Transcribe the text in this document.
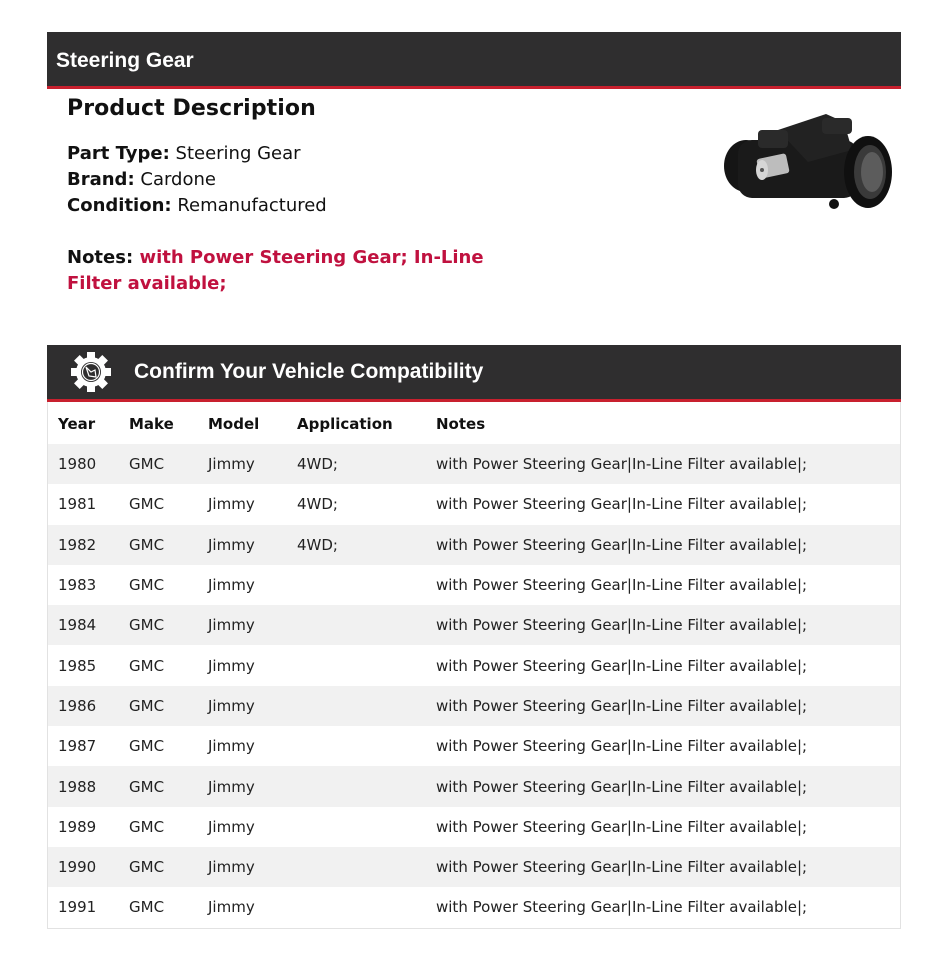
Steering Gear
Product Description
Part Type: Steering Gear
Brand: Cardone
Condition: Remanufactured
Notes: with Power Steering Gear; In-Line Filter available;
Confirm Your Vehicle Compatibility
Year	Make	Model	Application	Notes
1980	GMC	Jimmy	4WD;	with Power Steering Gear|In-Line Filter available|;
1981	GMC	Jimmy	4WD;	with Power Steering Gear|In-Line Filter available|;
1982	GMC	Jimmy	4WD;	with Power Steering Gear|In-Line Filter available|;
1983	GMC	Jimmy		with Power Steering Gear|In-Line Filter available|;
1984	GMC	Jimmy		with Power Steering Gear|In-Line Filter available|;
1985	GMC	Jimmy		with Power Steering Gear|In-Line Filter available|;
1986	GMC	Jimmy		with Power Steering Gear|In-Line Filter available|;
1987	GMC	Jimmy		with Power Steering Gear|In-Line Filter available|;
1988	GMC	Jimmy		with Power Steering Gear|In-Line Filter available|;
1989	GMC	Jimmy		with Power Steering Gear|In-Line Filter available|;
1990	GMC	Jimmy		with Power Steering Gear|In-Line Filter available|;
1991	GMC	Jimmy		with Power Steering Gear|In-Line Filter available|;
